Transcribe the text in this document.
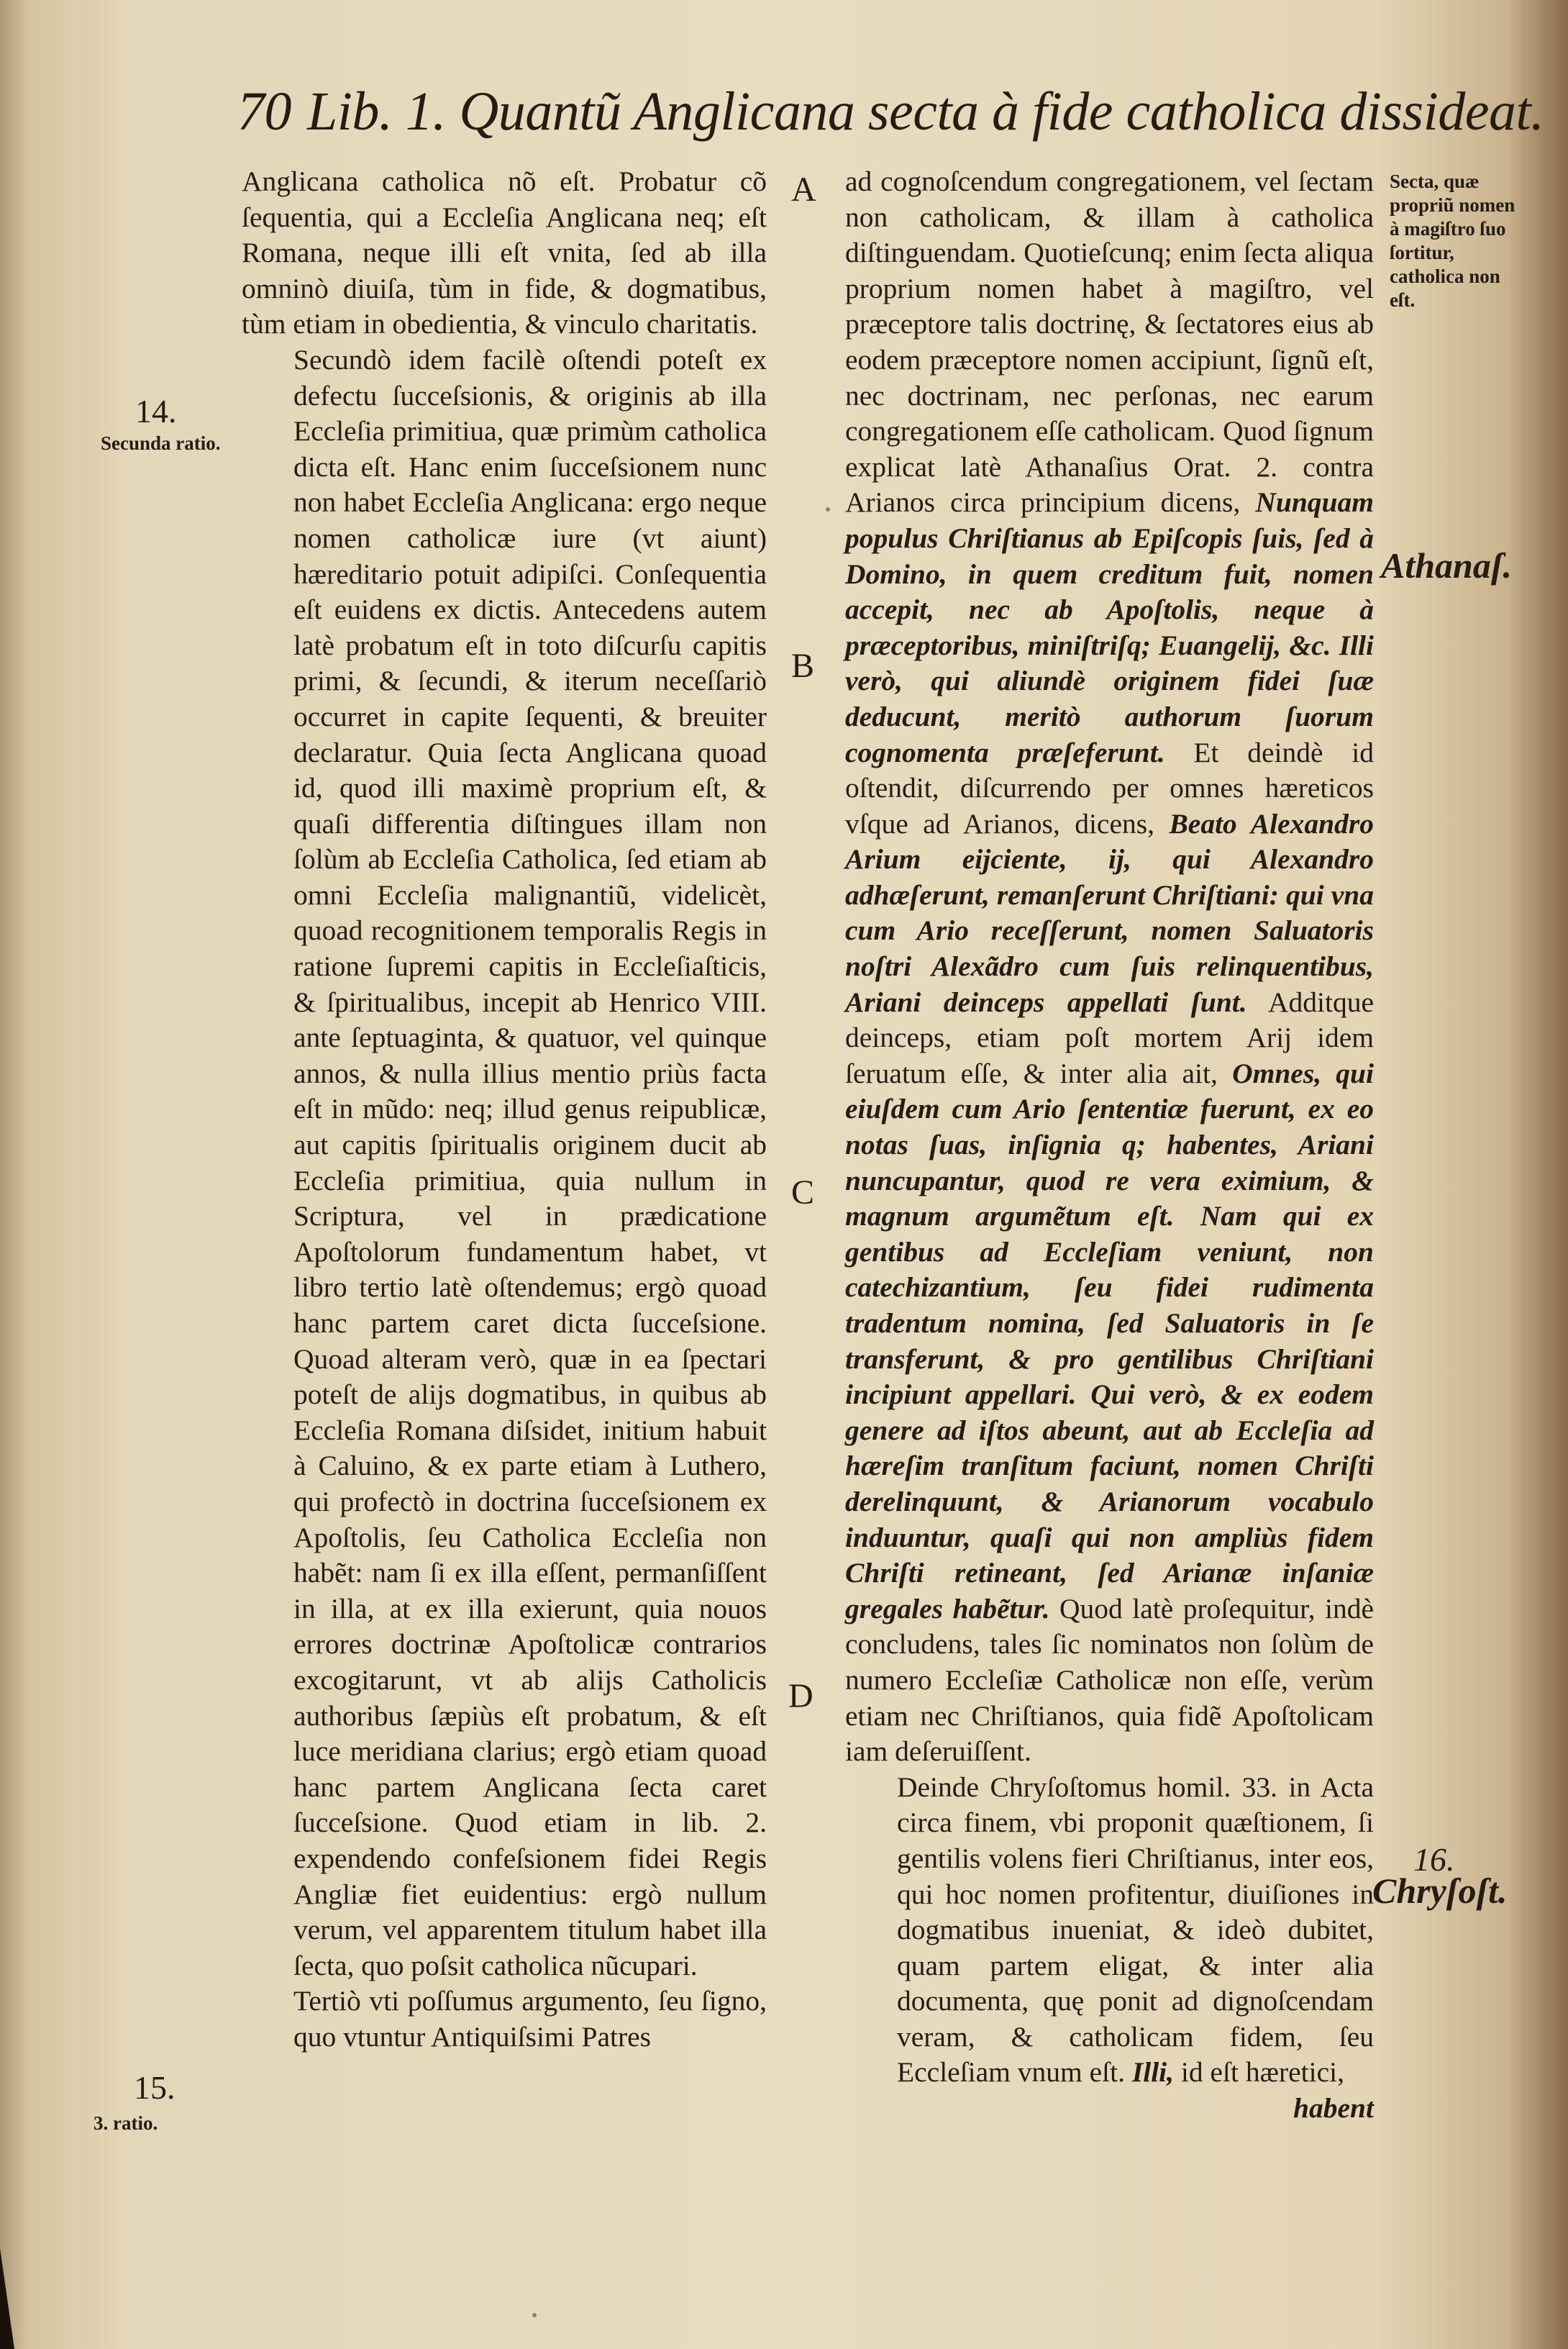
70 Lib. 1. Quantũ Anglicana secta à fide catholica dissideat.

Anglicana catholica nõ eſt. Probatur cõ ſequentia, qui a Eccleſia Anglicana neq; eſt Romana, neque illi eſt vnita, ſed ab illa omninò diuiſa, tùm in fide, & dogmatibus, tùm etiam in obedientia, & vinculo charitatis.

Secundò idem facilè oſtendi poteſt ex defectu ſucceſsionis, & originis ab illa Eccleſia primitiua, quæ primùm catholica dicta eſt. Hanc enim ſucceſsionem nunc non habet Eccleſia Anglicana: ergo neque nomen catholicæ iure (vt aiunt) hæreditario potuit adipiſci. Conſequentia eſt euidens ex dictis. Antecedens autem latè probatum eſt in toto diſcurſu capitis primi, & ſecundi, & iterum neceſſariò occurret in capite ſequenti, & breuiter declaratur. Quia ſecta Anglicana quoad id, quod illi maximè proprium eſt, & quaſi differentia diſtingues illam non ſolùm ab Eccleſia Catholica, ſed etiam ab omni Eccleſia malignantiũ, videlicèt, quoad recognitionem temporalis Regis in ratione ſupremi capitis in Eccleſiaſticis, & ſpiritualibus, incepit ab Henrico VIII. ante ſeptuaginta, & quatuor, vel quinque annos, & nulla illius mentio priùs facta eſt in mũdo: neq; illud genus reipublicæ, aut capitis ſpiritualis originem ducit ab Eccleſia primitiua, quia nullum in Scriptura, vel in prædicatione Apoſtolorum fundamentum habet, vt libro tertio latè oſtendemus; ergò quoad hanc partem caret dicta ſucceſsione. Quoad alteram verò, quæ in ea ſpectari poteſt de alijs dogmatibus, in quibus ab Eccleſia Romana diſsidet, initium habuit à Caluino, & ex parte etiam à Luthero, qui profectò in doctrina ſucceſsionem ex Apoſtolis, ſeu Catholica Eccleſia non habẽt: nam ſi ex illa eſſent, permanſiſſent in illa, at ex illa exierunt, quia nouos errores doctrinæ Apoſtolicæ contrarios excogitarunt, vt ab alijs Catholicis authoribus ſæpiùs eſt probatum, & eſt luce meridiana clarius; ergò etiam quoad hanc partem Anglicana ſecta caret ſucceſsione. Quod etiam in lib. 2. expendendo confeſsionem fidei Regis Angliæ fiet euidentius: ergò nullum verum, vel apparentem titulum habet illa ſecta, quo poſsit catholica nũcupari.

Tertiò vti poſſumus argumento, ſeu ſigno, quo vtuntur Antiquiſsimi Patres

ad cognoſcendum congregationem, vel ſectam non catholicam, & illam à catholica diſtinguendam. Quotieſcunq; enim ſecta aliqua proprium nomen habet à magiſtro, vel præceptore talis doctrinę, & ſectatores eius ab eodem præceptore nomen accipiunt, ſignũ eſt, nec doctrinam, nec perſonas, nec earum congregationem eſſe catholicam. Quod ſignum explicat latè Athanaſius Orat. 2. contra Arianos circa principium dicens, Nunquam populus Chriſtianus ab Epiſcopis ſuis, ſed à Domino, in quem creditum fuit, nomen accepit, nec ab Apoſtolis, neque à præceptoribus, miniſtriſq; Euangelij, &c. Illi verò, qui aliundè originem fidei ſuæ deducunt, meritò authorum ſuorum cognomenta præſeferunt. Et deindè id oſtendit, diſcurrendo per omnes hæreticos vſque ad Arianos, dicens, Beato Alexandro Arium eijciente, ij, qui Alexandro adhæſerunt, remanſerunt Chriſtiani: qui vna cum Ario receſſerunt, nomen Saluatoris noſtri Alexãdro cum ſuis relinquentibus, Ariani deinceps appellati ſunt. Additque deinceps, etiam poſt mortem Arij idem ſeruatum eſſe, & inter alia ait, Omnes, qui eiuſdem cum Ario ſententiæ fuerunt, ex eo notas ſuas, inſignia q; habentes, Ariani nuncupantur, quod re vera eximium, & magnum argumẽtum eſt. Nam qui ex gentibus ad Eccleſiam veniunt, non catechizantium, ſeu fidei rudimenta tradentum nomina, ſed Saluatoris in ſe transferunt, & pro gentilibus Chriſtiani incipiunt appellari. Qui verò, & ex eodem genere ad iſtos abeunt, aut ab Eccleſia ad hæreſim tranſitum faciunt, nomen Chriſti derelinquunt, & Arianorum vocabulo induuntur, quaſi qui non ampliùs fidem Chriſti retineant, ſed Arianæ inſaniæ gregales habẽtur. Quod latè proſequitur, indè concludens, tales ſic nominatos non ſolùm de numero Eccleſiæ Catholicæ non eſſe, verùm etiam nec Chriſtianos, quia fidẽ Apoſtolicam iam deſeruiſſent.

Deinde Chryſoſtomus homil. 33. in Acta circa finem, vbi proponit quæſtionem, ſi gentilis volens fieri Chriſtianus, inter eos, qui hoc nomen profitentur, diuiſiones in dogmatibus inueniat, & ideò dubitet, quam partem eligat, & inter alia documenta, quę ponit ad dignoſcendam veram, & catholicam fidem, ſeu Eccleſiam vnum eſt. Illi, id eſt hæretici,

habent

A
B
C
D
14.
Secunda ratio.
15.
3. ratio.
Secta, quæ propriũ nomen à magiſtro ſuo ſortitur, catholica non eſt.
Athanaſ.
16.
Chryſoſt.
